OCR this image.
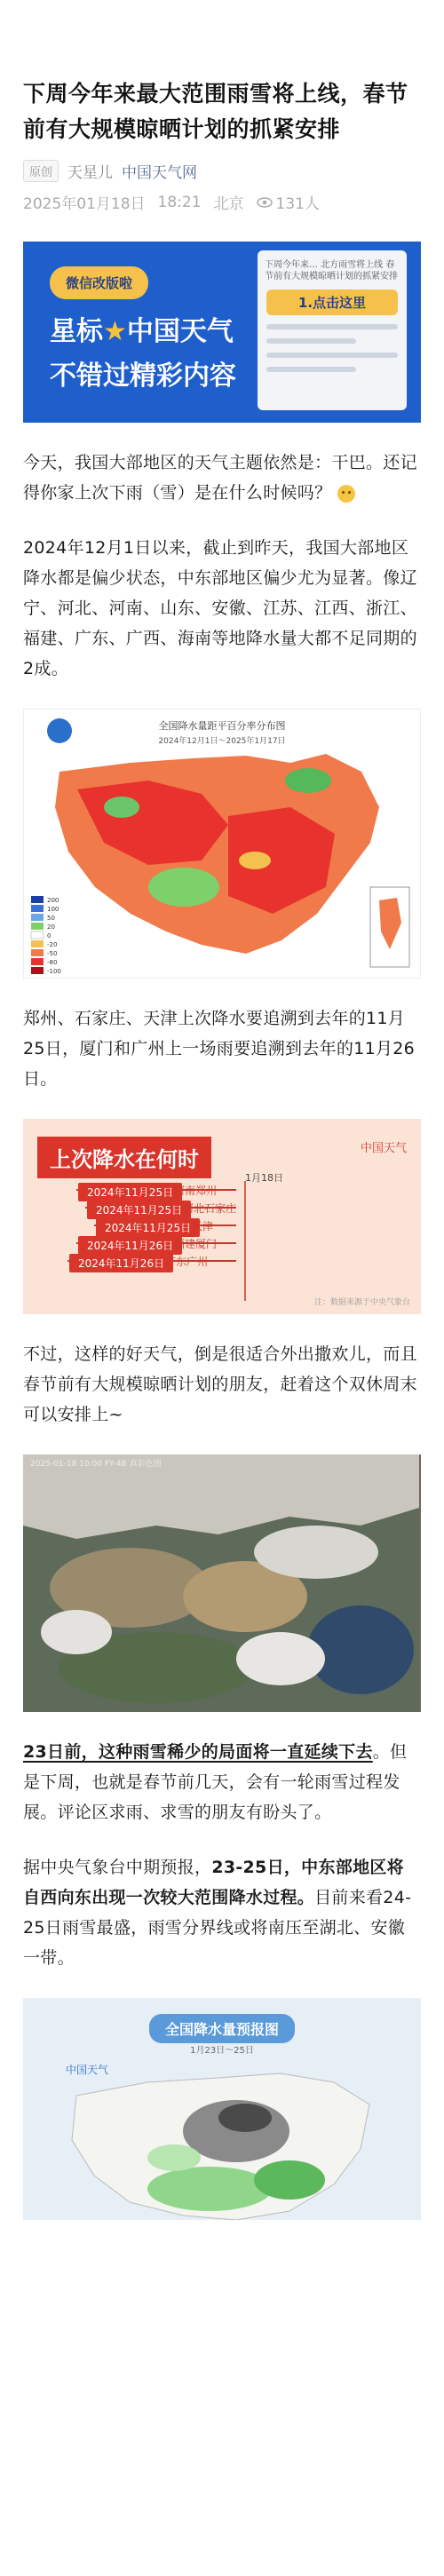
下周今年来最大范围雨雪将上线，春节前有大规模晾晒计划的抓紧安排
原创	天星儿 中国天气网
2025年01月18日 18:21 北京 131人
微信改版啦
星标★中国天气
不错过精彩内容
下周今年来… 北方雨雪将上线 春节前有大规模晾晒计划的抓紧安排
1.点击这里

今天，我国大部地区的天气主题依然是：干巴。还记得你家上次下雨（雪）是在什么时候吗？

2024年12月1日以来，截止到昨天，我国大部地区降水都是偏少状态，中东部地区偏少尤为显著。像辽宁、河北、河南、山东、安徽、江苏、江西、浙江、福建、广东、广西、海南等地降水量大都不足同期的2成。

全国降水量距平百分率分布图
2024年12月1日～2025年1月17日
200
100
50
20
0
-20
-50
-80
-100

郑州、石家庄、天津上次降水要追溯到去年的11月25日，厦门和广州上一场雨要追溯到去年的11月26日。

上次降水在何时	中国天气
1月18日
2024年11月25日 河南郑州
2024年11月25日 河北石家庄
2024年11月25日 天津
2024年11月26日 福建厦门
2024年11月26日 广东广州
注：数据来源于中央气象台

不过，这样的好天气，倒是很适合外出撒欢儿，而且春节前有大规模晾晒计划的朋友，赶着这个双休周末可以安排上~

2025-01-18 10:00 FY-4B 真彩色图

23日前，这种雨雪稀少的局面将一直延续下去。但是下周，也就是春节前几天，会有一轮雨雪过程发展。评论区求雨、求雪的朋友有盼头了。

据中央气象台中期预报，23-25日，中东部地区将自西向东出现一次较大范围降水过程。目前来看24-25日雨雪最盛，雨雪分界线或将南压至湖北、安徽一带。

全国降水量预报图
1月23日～25日
中国天气
